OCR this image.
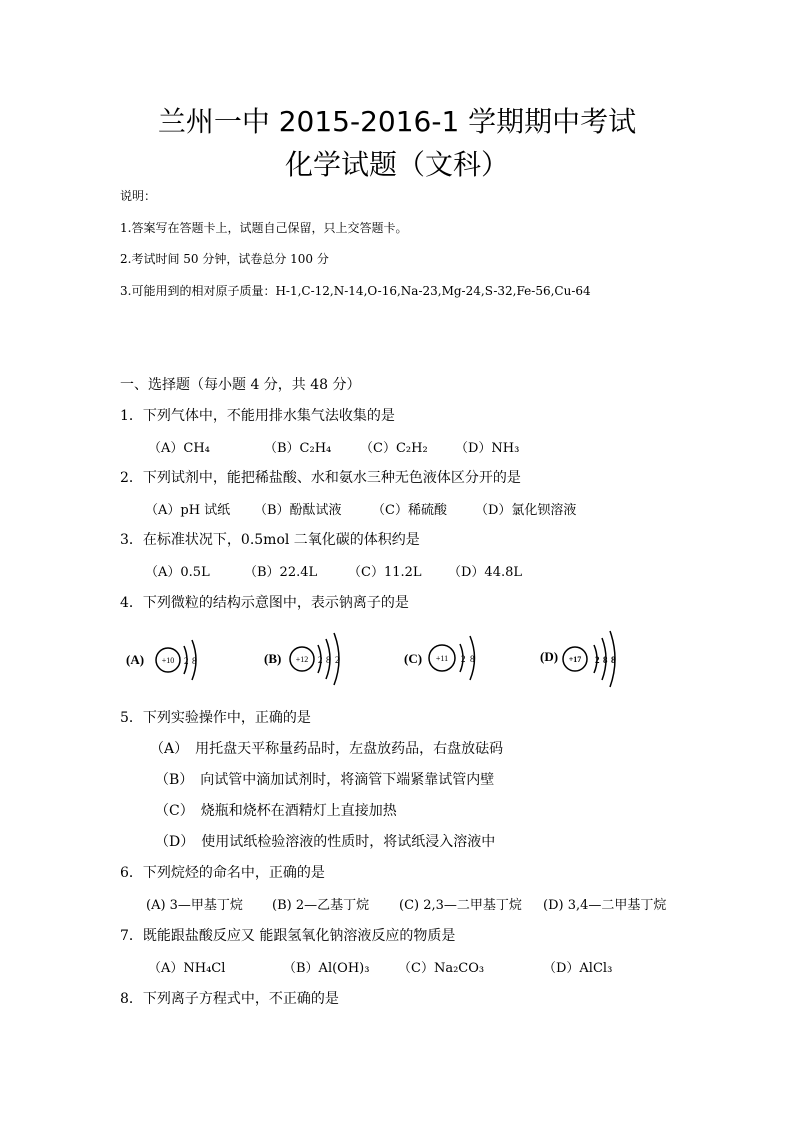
兰州一中 2015-2016-1 学期期中考试
化学试题（文科）
说明：
1.答案写在答题卡上，试题自己保留，只上交答题卡。
2.考试时间 50 分钟，试卷总分 100 分
3.可能用到的相对原子质量：H-1,C-12,N-14,O-16,Na-23,Mg-24,S-32,Fe-56,Cu-64
一、选择题（每小题 4 分，共 48 分）
1．下列气体中，不能用排水集气法收集的是
（A）CH₄	（B）C₂H₄ （C）C₂H₂ （D）NH₃
2．下列试剂中，能把稀盐酸、水和氨水三种无色液体区分开的是
（A）pH 试纸 （B）酚酞试液 （C）稀硫酸 （D）氯化钡溶液
3．在标准状况下，0.5mol 二氧化碳的体积约是
（A）0.5L	（B）22.4L （C）11.2L （D）44.8L
4．下列微粒的结构示意图中，表示钠离子的是
(A) +10 2 8	(B) +12 2 8 2	(C) +11 2 8	(D) +17 2 8 8
5．下列实验操作中，正确的是
（A）　用托盘天平称量药品时，左盘放药品，右盘放砝码
（B）　向试管中滴加试剂时，将滴管下端紧靠试管内壁
（C）　烧瓶和烧杯在酒精灯上直接加热
（D）　使用试纸检验溶液的性质时，将试纸浸入溶液中
6．下列烷烃的命名中，正确的是
(A) 3—甲基丁烷 (B) 2—乙基丁烷 (C) 2,3—二甲基丁烷 (D) 3,4—二甲基丁烷
7．既能跟盐酸反应又 能跟氢氧化钠溶液反应的物质是
（A）NH₄Cl	（B）Al(OH)₃ （C）Na₂CO₃	（D）AlCl₃
8．下列离子方程式中，不正确的是
